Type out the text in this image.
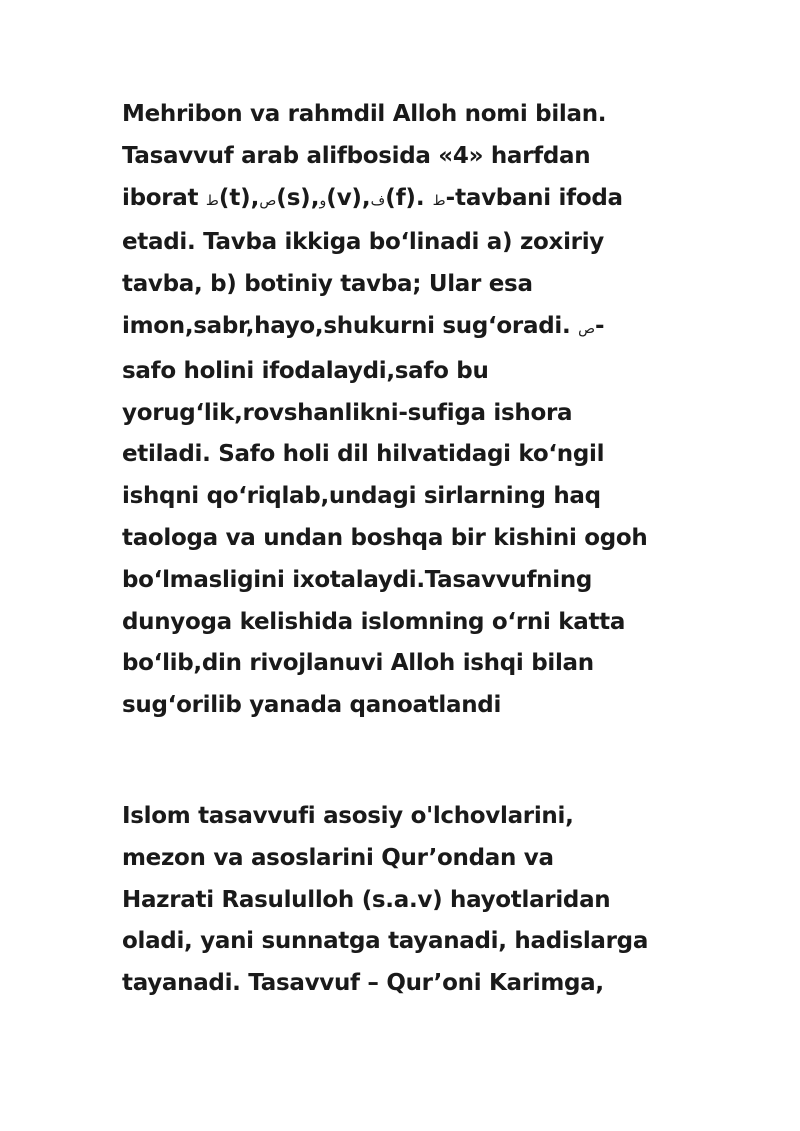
Mehribon va rahmdil Alloh nomi bilan.
Tasavvuf arab alifbosida «4» harfdan
iborat ط(t),ص(s),و(v),ف(f). ط-tavbani ifoda
etadi. Tavba ikkiga bo‘linadi a) zoxiriy
tavba, b) botiniy tavba; Ular esa
imon,sabr,hayo,shukurni sug‘oradi. ص-
safo holini ifodalaydi,safo bu
yorug‘lik,rovshanlikni-sufiga ishora
etiladi. Safo holi dil hilvatidagi ko‘ngil
ishqni qo‘riqlab,undagi sirlarning haq
taologa va undan boshqa bir kishini ogoh
bo‘lmasligini ixotalaydi.Tasavvufning
dunyoga kelishida islomning o‘rni katta
bo‘lib,din rivojlanuvi Alloh ishqi bilan
sug‘orilib yanada qanoatlandi

Islom tasavvufi asosiy o'lchovlarini,
mezon va asoslarini Qur’ondan va
Hazrati Rasululloh (s.a.v) hayotlaridan
oladi, yani sunnatga tayanadi, hadislarga
tayanadi. Tasavvuf – Qur’oni Karimga,
